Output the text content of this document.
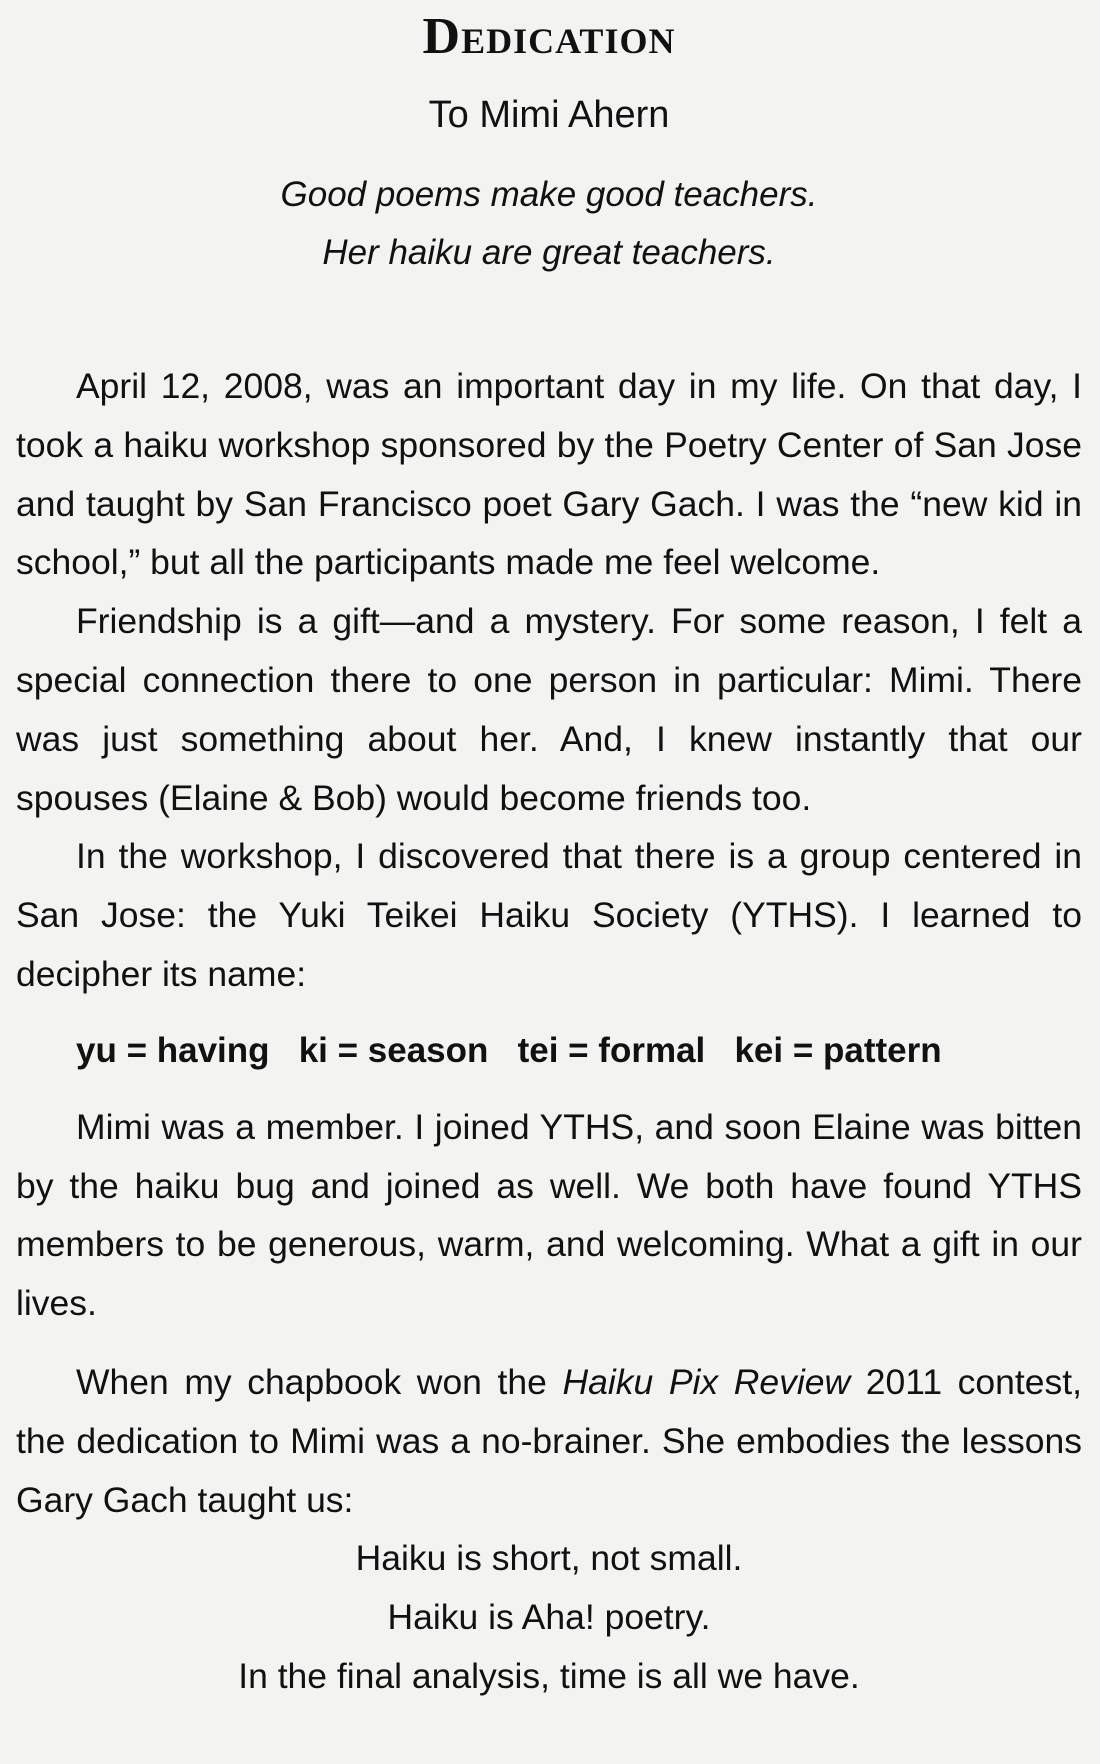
Dedication
To Mimi Ahern
Good poems make good teachers.
Her haiku are great teachers.

April 12, 2008, was an important day in my life. On that day, I took a haiku workshop sponsored by the Poetry Center of San Jose and taught by San Francisco poet Gary Gach. I was the “new kid in school,” but all the participants made me feel welcome.

Friendship is a gift—and a mystery. For some reason, I felt a special connection there to one person in particular: Mimi. There was just something about her. And, I knew instantly that our spouses (Elaine & Bob) would become friends too.

In the workshop, I discovered that there is a group centered in San Jose: the Yuki Teikei Haiku Society (YTHS). I learned to decipher its name:

yu = having   ki = season   tei = formal   kei = pattern

Mimi was a member. I joined YTHS, and soon Elaine was bitten by the haiku bug and joined as well. We both have found YTHS members to be generous, warm, and welcoming. What a gift in our lives.

When my chapbook won the Haiku Pix Review 2011 contest, the dedication to Mimi was a no-brainer. She embodies the lessons Gary Gach taught us:

Haiku is short, not small.
Haiku is Aha! poetry.
In the final analysis, time is all we have.
